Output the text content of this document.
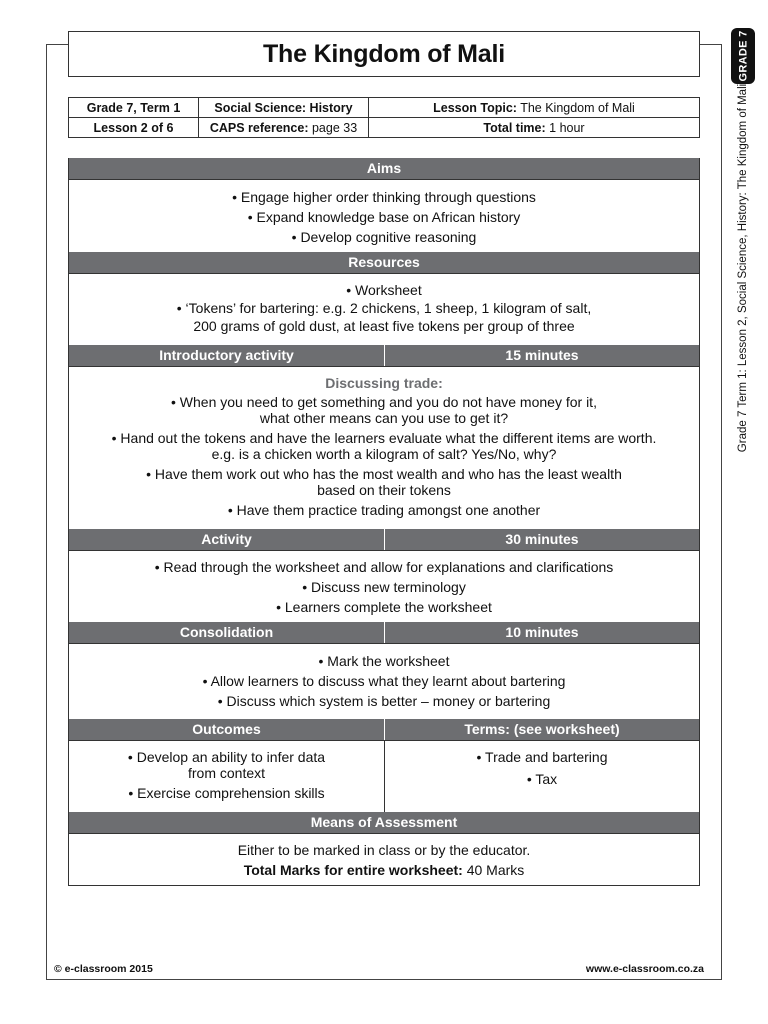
The Kingdom of Mali
Grade 7, Term 1	Social Science: History	Lesson Topic: The Kingdom of Mali
Lesson 2 of 6	CAPS reference: page 33	Total time: 1 hour
Aims

• Engage higher order thinking through questions

• Expand knowledge base on African history

• Develop cognitive reasoning

Resources

• Worksheet

• ‘Tokens’ for bartering: e.g. 2 chickens, 1 sheep, 1 kilogram of salt,

200 grams of gold dust, at least five tokens per group of three

Introductory activity	15 minutes

Discussing trade:

• When you need to get something and you do not have money for it,

what other means can you use to get it?

• Hand out the tokens and have the learners evaluate what the different items are worth.

e.g. is a chicken worth a kilogram of salt? Yes/No, why?

• Have them work out who has the most wealth and who has the least wealth

based on their tokens

• Have them practice trading amongst one another

Activity	30 minutes

• Read through the worksheet and allow for explanations and clarifications

• Discuss new terminology

• Learners complete the worksheet

Consolidation	10 minutes

• Mark the worksheet

• Allow learners to discuss what they learnt about bartering

• Discuss which system is better – money or bartering

Outcomes	Terms: (see worksheet)

• Develop an ability to infer data

from context

• Exercise comprehension skills

• Trade and bartering

• Tax

Means of Assessment

Either to be marked in class or by the educator.

Total Marks for entire worksheet: 40 Marks

© e-classroom 2015	www.e-classroom.co.za
GRADE 7
Grade 7 Term 1: Lesson 2, Social Science, History: The Kingdom of Mali
